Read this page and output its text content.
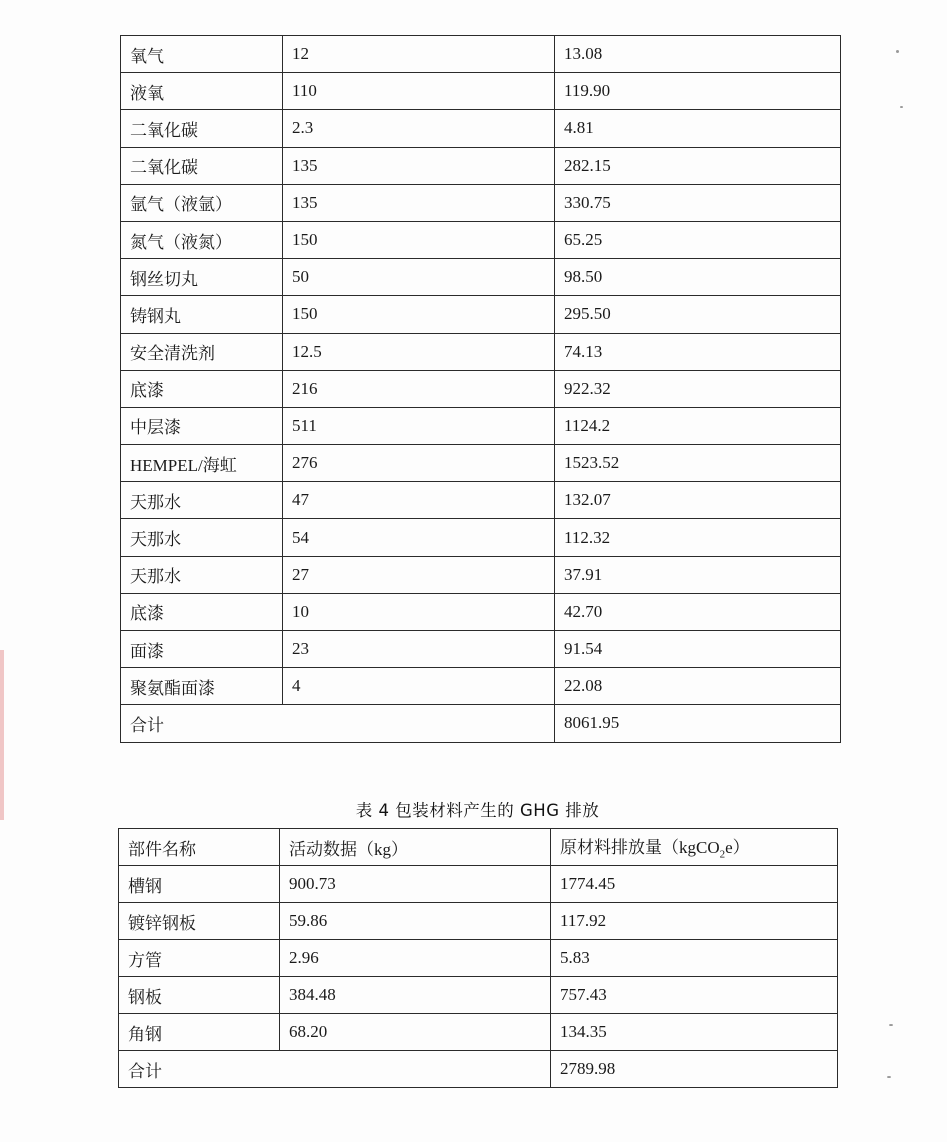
氧气	12	13.08
液氧	110	119.90
二氧化碳	2.3	4.81
二氧化碳	135	282.15
氩气（液氩）	135	330.75
氮气（液氮）	150	65.25
钢丝切丸	50	98.50
铸钢丸	150	295.50
安全清洗剂	12.5	74.13
底漆	216	922.32
中层漆	511	1124.2
HEMPEL/海虹	276	1523.52
天那水	47	132.07
天那水	54	112.32
天那水	27	37.91
底漆	10	42.70
面漆	23	91.54
聚氨酯面漆	4	22.08
合计		8061.95
表 4 包装材料产生的 GHG 排放
部件名称	活动数据（kg）	原材料排放量（kgCO$_2$e）
槽钢	900.73	1774.45
镀锌钢板	59.86	117.92
方管	2.96	5.83
钢板	384.48	757.43
角钢	68.20	134.35
合计		2789.98
